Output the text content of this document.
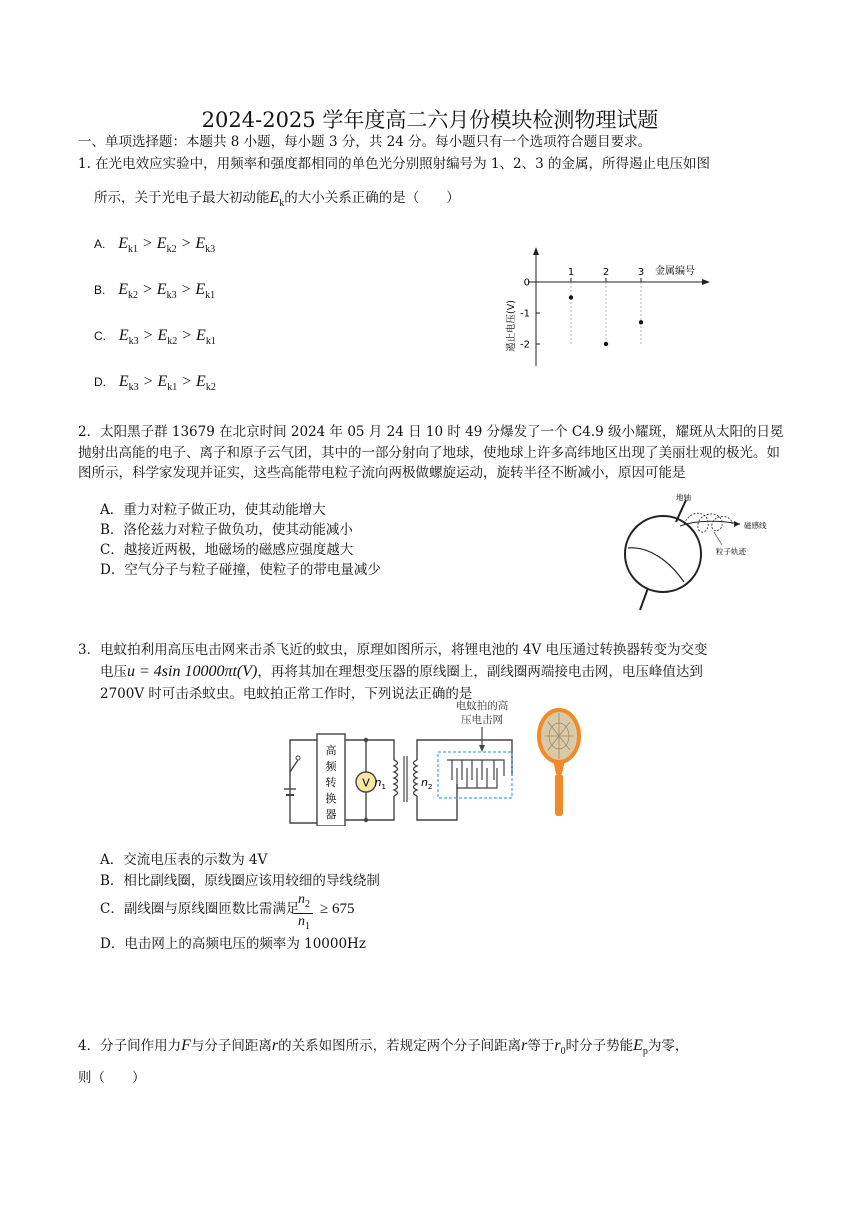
2024-2025 学年度高二六月份模块检测物理试题
一、单项选择题：本题共 8 小题，每小题 3 分，共 24 分。每小题只有一个选项符合题目要求。
1. 在光电效应实验中，用频率和强度都相同的单色光分别照射编号为 1、2、3 的金属，所得遏止电压如图
所示，关于光电子最大初动能$E_k$的大小关系正确的是（　　）
A. $E_{k1} > E_{k2} > E_{k3}$
B. $E_{k2} > E_{k3} > E_{k1}$
C. $E_{k3} > E_{k2} > E_{k1}$
D. $E_{k3} > E_{k1} > E_{k2}$
1	2	3
0
-1
-2
金属编号
遏止电压(V)
2．太阳黑子群 13679 在北京时间 2024 年 05 月 24 日 10 时 49 分爆发了一个 C4.9 级小耀斑，耀斑从太阳的日冕抛射出高能的电子、离子和原子云气团，其中的一部分射向了地球，使地球上许多高纬地区出现了美丽壮观的极光。如图所示，科学家发现并证实，这些高能带电粒子流向两极做螺旋运动，旋转半径不断减小，原因可能是
A．重力对粒子做正功，使其动能增大
B．洛伦兹力对粒子做负功，使其动能减小
C．越接近两极，地磁场的磁感应强度越大
D．空气分子与粒子碰撞，使粒子的带电量减少
地轴
磁感线
粒子轨迹
3．电蚊拍利用高压电击网来击杀飞近的蚊虫，原理如图所示，将锂电池的 4V 电压通过转换器转变为交变
电压u = 4sin 10000πt(V)，再将其加在理想变压器的原线圈上，副线圈两端接电击网，电压峰值达到
2700V 时可击杀蚊虫。电蚊拍正常工作时，下列说法正确的是
高
频
转
换
器
V $n_1$	$n_2$
电蚊拍的高
压电击网
A．交流电压表的示数为 4V
B．相比副线圈，原线圈应该用较细的导线绕制
C．副线圈与原线圈匝数比需满足
$n_2$
$n_1$
≥ 675
D．电击网上的高频电压的频率为 10000Hz
4．分子间作用力F与分子间距离r的关系如图所示，若规定两个分子间距离r等于$r_0$时分子势能$E_p$为零，
则（　　）
